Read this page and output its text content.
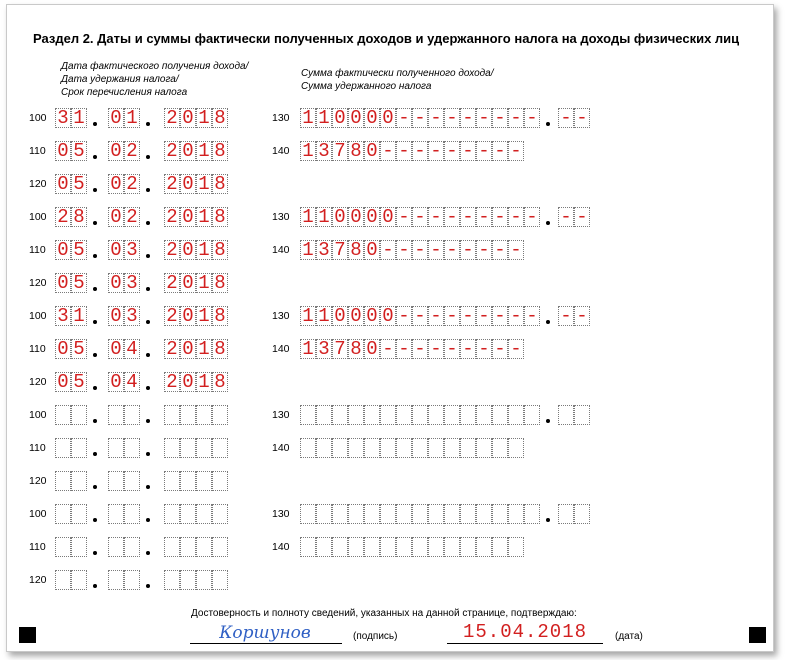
Раздел 2. Даты и суммы фактически полученных доходов и удержанного налога на доходы физических лиц
Дата фактического получения дохода/
Дата удержания налога/
Срок перечисления налога
Сумма фактически полученного дохода/
Сумма удержанного налога
100 3 1 0 1 2 0 1 8	130 1 1 0 0 0 0 - - - - - - - - - - -
110 0 5 0 2 2 0 1 8	140 1 3 7 8 0 - - - - - - - - -
120 0 5 0 2 2 0 1 8
100 2 8 0 2 2 0 1 8	130 1 1 0 0 0 0 - - - - - - - - - - -
110 0 5 0 3 2 0 1 8	140 1 3 7 8 0 - - - - - - - - -
120 0 5 0 3 2 0 1 8
100 3 1 0 3 2 0 1 8	130 1 1 0 0 0 0 - - - - - - - - - - -
110 0 5 0 4 2 0 1 8	140 1 3 7 8 0 - - - - - - - - -
120 0 5 0 4 2 0 1 8
100	130
110	140
120
100	130
110	140
120
Достоверность и полноту сведений, указанных на данной странице, подтверждаю:
Коршунов	(подпись)	15.04.2018	(дата)
